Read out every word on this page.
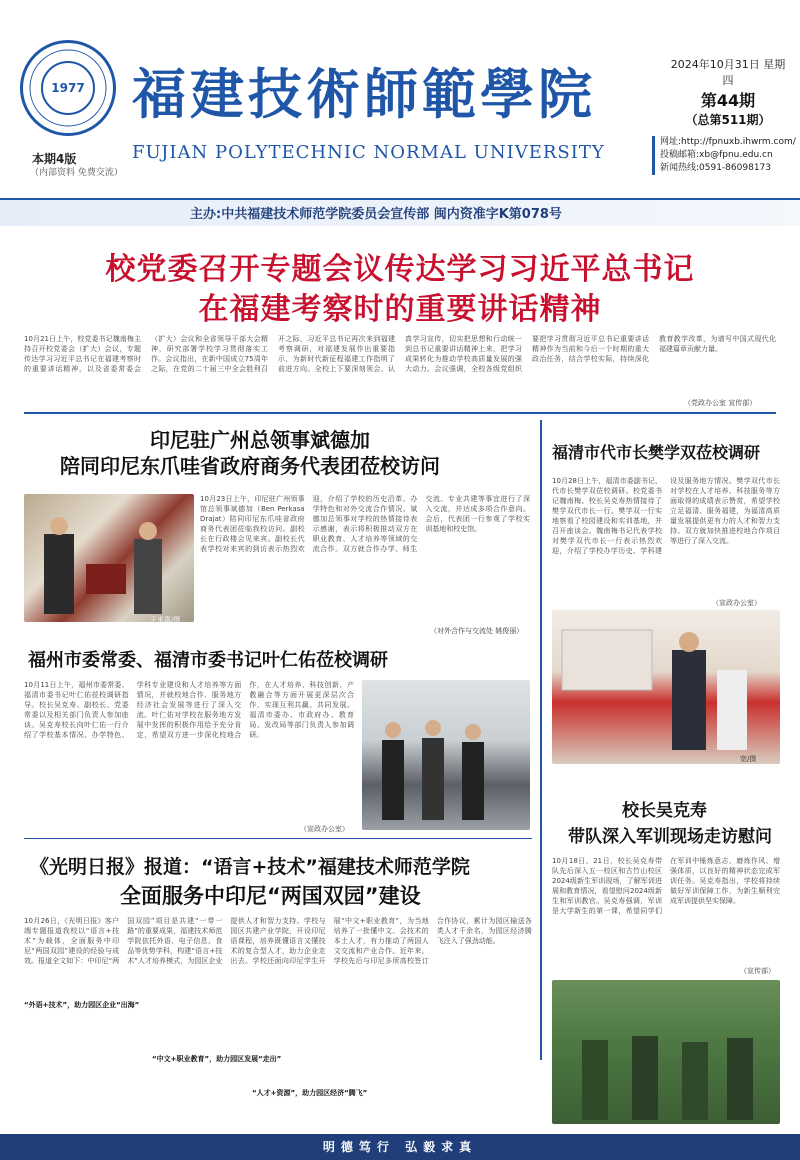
1977 福建技術師範學院
FUJIAN POLYTECHNIC NORMAL UNIVERSITY
2024年10月31日 星期四
第44期
（总第511期）
网址:http://fpnuxb.ihwrm.com/
投稿邮箱:xb@fpnu.edu.cn
新闻热线:0591-86098173
本期4版
（内部资料 免费交流）
主办:中共福建技术师范学院委员会宣传部 闽内资准字K第078号
校党委召开专题会议传达学习习近平总书记
在福建考察时的重要讲话精神
10月21日上午，校党委书记魏南梅主持召开校党委会（扩大）会议，专题传达学习习近平总书记在福建考察时的重要讲话精神，以及省委常委会（扩大）会议和全省领导干部大会精神，研究部署学校学习贯彻落实工作。会议指出，在新中国成立75周年之际，在党的二十届三中全会胜利召开之际，习近平总书记再次来到福建考察调研，对福建发展作出重要指示，为新时代新征程福建工作指明了前进方向。全校上下要深刻领会、认真学习宣传，切实把思想和行动统一到总书记重要讲话精神上来，把学习成果转化为推动学校高质量发展的强大动力。会议强调，全校各级党组织要把学习贯彻习近平总书记重要讲话精神作为当前和今后一个时期的重大政治任务，结合学校实际，持续深化教育教学改革，为谱写中国式现代化福建篇章贡献力量。
（党政办公室 宣传部）
印尼驻广州总领事斌德加
陪同印尼东爪哇省政府商务代表团莅校访问
王米嘉/摄
10月23日上午，印尼驻广州领事馆总领事斌德加（Ben Perkasa Drajat）陪同印尼东爪哇省政府商务代表团莅临我校访问。副校长在行政楼会见来宾。副校长代表学校对来宾的到访表示热烈欢迎，介绍了学校的历史沿革、办学特色和对外交流合作情况。斌德加总领事对学校的热情接待表示感谢，表示将积极推动双方在职业教育、人才培养等领域的交流合作。双方就合作办学、师生交流、专业共建等事宜进行了深入交流，并达成多项合作意向。会后，代表团一行参观了学校实训基地和校史馆。
（对外合作与交流处 姚俊丽）
福清市代市长樊学双莅校调研
10月28日上午，福清市委副书记、代市长樊学双莅校调研。校党委书记魏南梅、校长吴克寿热情接待了樊学双代市长一行。樊学双一行实地察看了校园建设和实训基地，并召开座谈会。魏南梅书记代表学校对樊学双代市长一行表示热烈欢迎，介绍了学校办学历史、学科建设及服务地方情况。樊学双代市长对学校在人才培养、科技服务等方面取得的成绩表示赞赏，希望学校立足福清、服务福建，为福清高质量发展提供更有力的人才和智力支持。双方就加快推进校地合作项目等进行了深入交流。
（宣政办公室）
宽/摄
福州市委常委、福清市委书记叶仁佑莅校调研
10月11日上午，福州市委常委、福清市委书记叶仁佑莅校调研指导。校长吴克寿、副校长、党委常委以及相关部门负责人参加座谈。吴克寿校长向叶仁佑一行介绍了学校基本情况、办学特色、学科专业建设和人才培养等方面情况，并就校地合作、服务地方经济社会发展等进行了深入交流。叶仁佑对学校在服务地方发展中发挥的积极作用给予充分肯定，希望双方进一步深化校地合作，在人才培养、科技创新、产教融合等方面开展更深层次合作，实现互利共赢、共同发展。福清市委办、市政府办、教育局、发改局等部门负责人参加调研。
（宣政办公室）
校长吴克寿
带队深入军训现场走访慰问
10月18日、21日，校长吴克寿带队先后深入五一校区和古竹山校区2024级新生军训现场，了解军训进展和教育情况，看望慰问2024级新生和军训教官。吴克寿强调，军训是大学新生的第一课，希望同学们在军训中锤炼意志、磨炼作风、增强体质，以良好的精神状态完成军训任务。吴克寿指出，学校将持续做好军训保障工作，为新生顺利完成军训提供坚实保障。
（宣传部）
《光明日报》报道：“语言+技术”福建技术师范学院
全面服务中印尼“两国双园”建设
10月26日，《光明日报》客户端专题报道我校以“语言+技术”为载体，全面服务中印尼“两国双园”建设的经验与成效。报道全文如下：中印尼“两国双园”项目是共建“一带一路”的重要成果，福建技术师范学院依托外语、电子信息、食品等优势学科，构建“语言+技术”人才培养模式，为园区企业提供人才和智力支持。学校与园区共建产业学院，开设印尼语课程，培养既懂语言又懂技术的复合型人才，助力企业走出去。学校还面向印尼学生开展“中文+职业教育”，为当地培养了一批懂中文、会技术的本土人才，有力推动了两国人文交流和产业合作。近年来，学校先后与印尼多所高校签订合作协议，累计为园区输送各类人才千余名，为园区经济腾飞注入了强劲动能。
“外语+技术”，助力园区企业“出海”
“中文+职业教育”，助力园区发展“走出”
“人才+资源”，助力园区经济“腾飞”
明德笃行 弘毅求真
